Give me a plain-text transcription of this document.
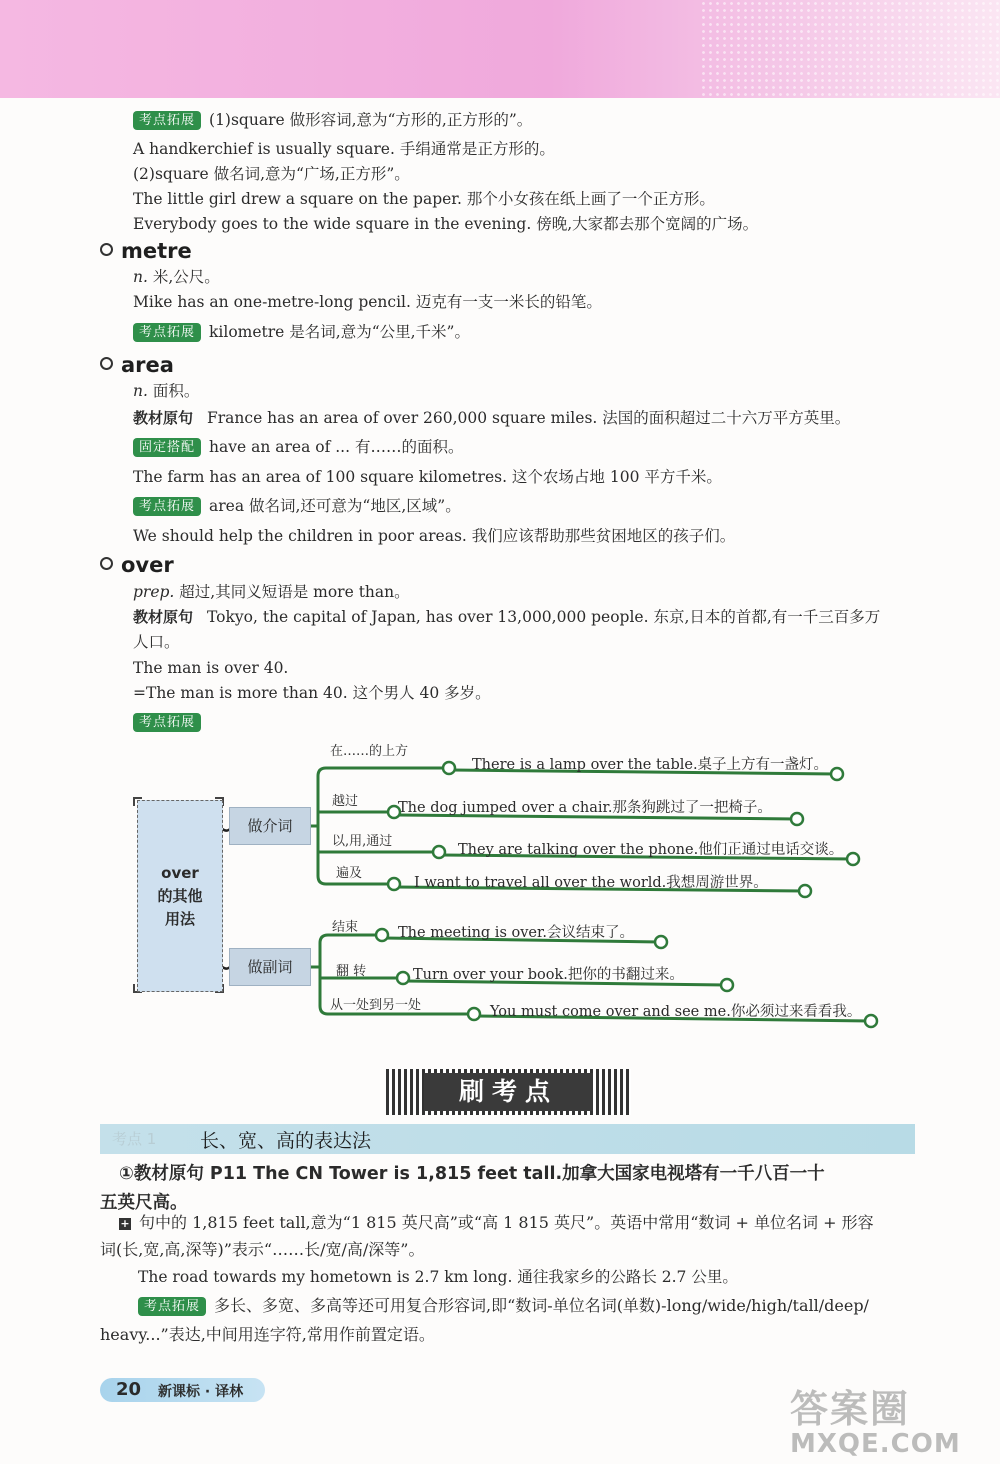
考点拓展 (1)square 做形容词,意为“方形的,正方形的”。
A handkerchief is usually square. 手绢通常是正方形的。
(2)square 做名词,意为“广场,正方形”。
The little girl drew a square on the paper. 那个小女孩在纸上画了一个正方形。
Everybody goes to the wide square in the evening. 傍晚,大家都去那个宽阔的广场。
metre
n. 米,公尺。
Mike has an one-metre-long pencil. 迈克有一支一米长的铅笔。
考点拓展 kilometre 是名词,意为“公里,千米”。
area
n. 面积。
教材原句 France has an area of over 260,000 square miles. 法国的面积超过二十六万平方英里。
固定搭配 have an area of ... 有……的面积。
The farm has an area of 100 square kilometres. 这个农场占地 100 平方千米。
考点拓展 area 做名词,还可意为“地区,区域”。
We should help the children in poor areas. 我们应该帮助那些贫困地区的孩子们。
over
prep. 超过,其同义短语是 more than。
教材原句 Tokyo, the capital of Japan, has over 13,000,000 people. 东京,日本的首都,有一千三百多万
人口。
The man is over 40.
=The man is more than 40. 这个男人 40 多岁。
考点拓展
over
的其他
用法
做介词
做副词
在……的上方
There is a lamp over the table.桌子上方有一盏灯。
越过	The dog jumped over a chair.那条狗跳过了一把椅子。
以,用,通过
They are talking over the phone.他们正通过电话交谈。
遍及
I want to travel all over the world.我想周游世界。
结束	The meeting is over.会议结束了。
翻 转	Turn over your book.把你的书翻过来。
从一处到另一处	You must come over and see me.你必须过来看看我。
刷考点
考点 1 长、宽、高的表达法
①教材原句 P11 The CN Tower is 1,815 feet tall.加拿大国家电视塔有一千八百一十
五英尺高。
+ 句中的 1,815 feet tall,意为“1 815 英尺高”或“高 1 815 英尺”。英语中常用“数词 + 单位名词 + 形容
词(长,宽,高,深等)”表示“……长/宽/高/深等”。
The road towards my hometown is 2.7 km long. 通往我家乡的公路长 2.7 公里。
考点拓展 多长、多宽、多高等还可用复合形容词,即“数词-单位名词(单数)-long/wide/high/tall/deep/
heavy...”表达,中间用连字符,常用作前置定语。
20 新课标 · 译林	答案圈
MXQE.COM
